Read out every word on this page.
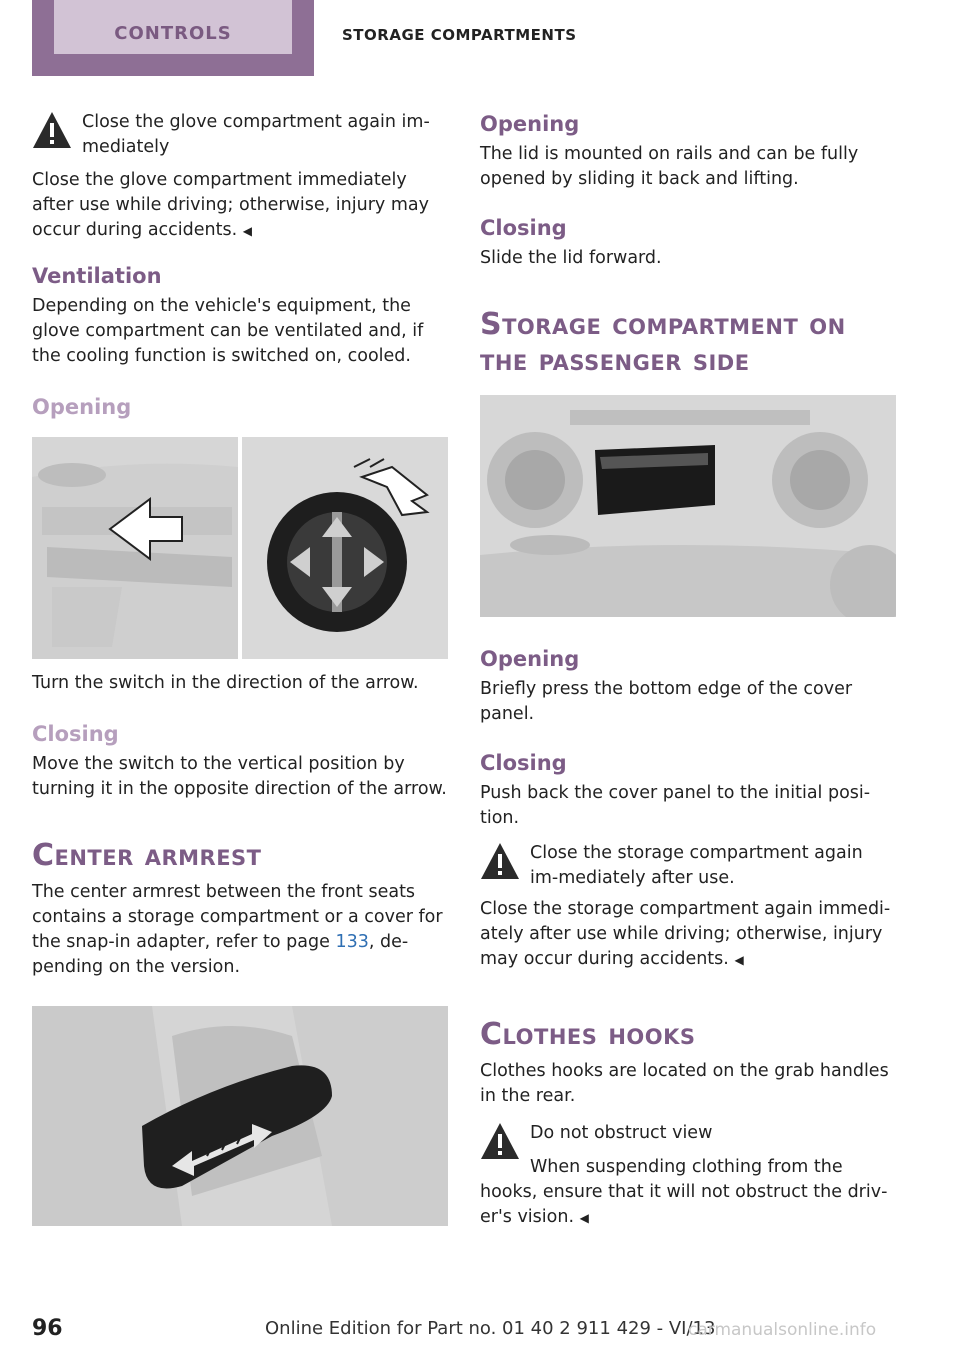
CONTROLS	STORAGE COMPARTMENTS

Close the glove compartment again im‐mediately

Close the glove compartment immediately after use while driving; otherwise, injury may occur during accidents. ◀

Ventilation

Depending on the vehicle's equipment, the glove compartment can be ventilated and, if the cooling function is switched on, cooled.

Opening

Turn the switch in the direction of the arrow.

Closing

Move the switch to the vertical position by turning it in the opposite direction of the arrow.

Center armrest

The center armrest between the front seats contains a storage compartment or a cover for the snap-in adapter, refer to page 133, de‐pending on the version.

Opening

The lid is mounted on rails and can be fully opened by sliding it back and lifting.

Closing

Slide the lid forward.

Storage compartment on the passenger side

Opening

Briefly press the bottom edge of the cover panel.

Closing

Push back the cover panel to the initial posi‐tion.

Close the storage compartment again im‐mediately after use.

Close the storage compartment again immedi‐ately after use while driving; otherwise, injury may occur during accidents. ◀

Clothes hooks

Clothes hooks are located on the grab handles in the rear.

Do not obstruct view

When suspending clothing from the hooks, ensure that it will not obstruct the driv‐er's vision. ◀

96	Online Edition for Part no. 01 40 2 911 429 - VI/13
carmanualsonline.info
